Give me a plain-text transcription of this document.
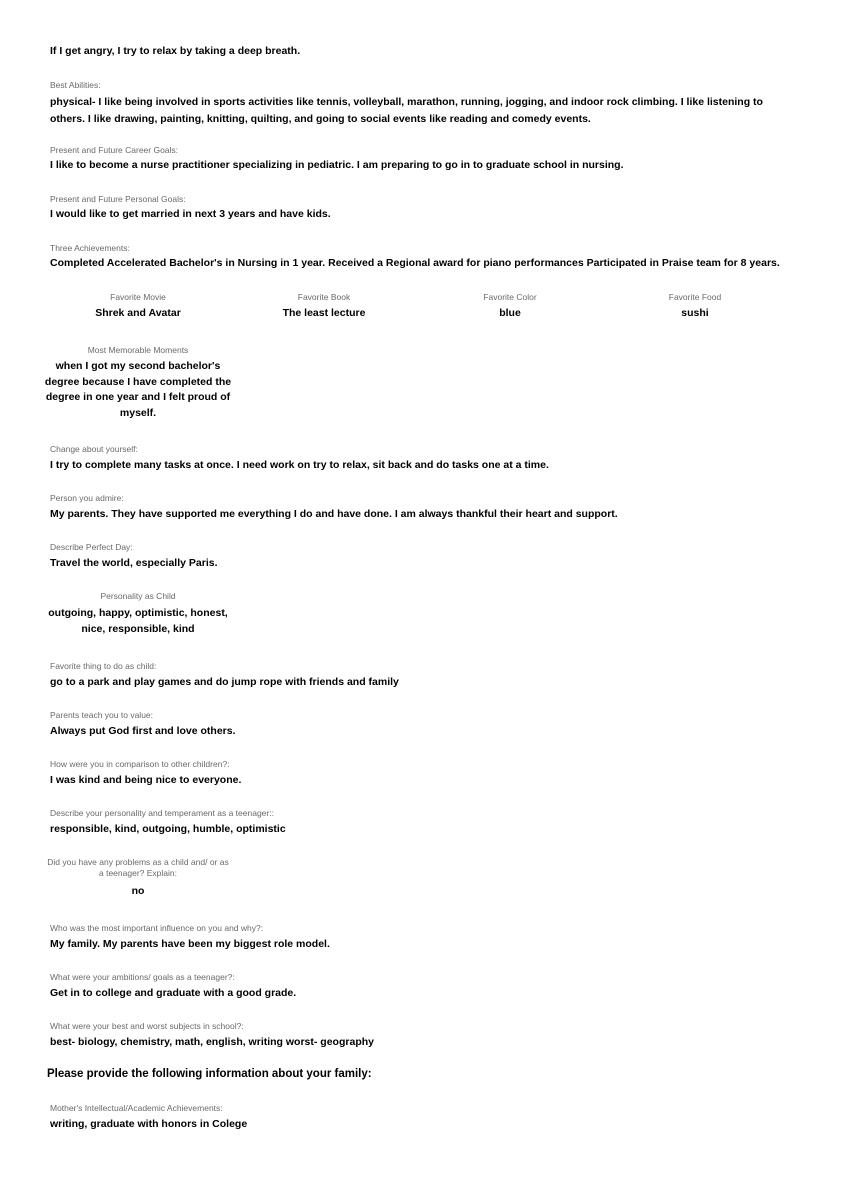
If I get angry, I try to relax by taking a deep breath.
Best Abilities:
physical- I like being involved in sports activities like tennis, volleyball, marathon, running, jogging, and indoor rock climbing. I like listening to others. I like drawing, painting, knitting, quilting, and going to social events like reading and comedy events.
Present and Future Career Goals:
I like to become a nurse practitioner specializing in pediatric. I am preparing to go in to graduate school in nursing.
Present and Future Personal Goals:
I would like to get married in next 3 years and have kids.
Three Achievements:
Completed Accelerated Bachelor's in Nursing in 1 year. Received a Regional award for piano performances Participated in Praise team for 8 years.
Favorite Movie
Shrek and Avatar
Favorite Book
The least lecture
Favorite Color
blue
Favorite Food
sushi
Most Memorable Moments
when I got my second bachelor's degree because I have completed the degree in one year and I felt proud of myself.
Change about yourself:
I try to complete many tasks at once. I need work on try to relax, sit back and do tasks one at a time.
Person you admire:
My parents. They have supported me everything I do and have done. I am always thankful their heart and support.
Describe Perfect Day:
Travel the world, especially Paris.
Personality as Child
outgoing, happy, optimistic, honest, nice, responsible, kind
Favorite thing to do as child:
go to a park and play games and do jump rope with friends and family
Parents teach you to value:
Always put God first and love others.
How were you in comparison to other children?:
I was kind and being nice to everyone.
Describe your personality and temperament as a teenager::
responsible, kind, outgoing, humble, optimistic
Did you have any problems as a child and/ or as a teenager? Explain:
no
Who was the most important influence on you and why?:
My family. My parents have been my biggest role model.
What were your ambitions/ goals as a teenager?:
Get in to college and graduate with a good grade.
What were your best and worst subjects in school?:
best- biology, chemistry, math, english, writing worst- geography
Please provide the following information about your family:
Mother's Intellectual/Academic Achievements:
writing, graduate with honors in Colege
